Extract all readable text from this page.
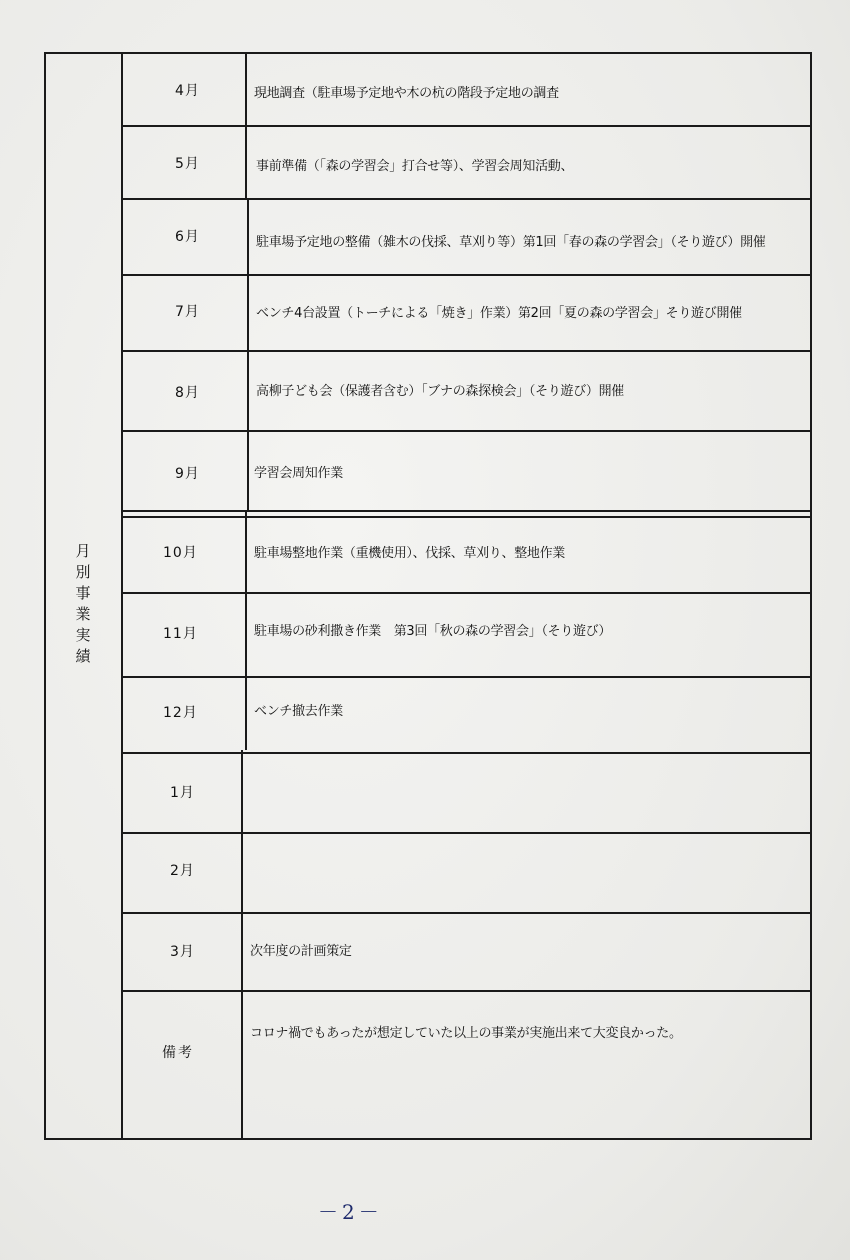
月別事業実績
4月
5月
6月
7月
8月
9月
10月
11月
12月
1月
2月
3月
現地調査（駐車場予定地や木の杭の階段予定地の調査
事前準備（「森の学習会」打合せ等）、学習会周知活動、
駐車場予定地の整備（雑木の伐採、草刈り等）第1回「春の森の学習会」（そり遊び）開催
ベンチ4台設置（トーチによる「焼き」作業）第2回「夏の森の学習会」そり遊び開催
高柳子ども会（保護者含む）「ブナの森探検会」（そり遊び）開催
学習会周知作業
駐車場整地作業（重機使用）、伐採、草刈り、整地作業
駐車場の砂利撒き作業　第3回「秋の森の学習会」（そり遊び）
ベンチ撤去作業
次年度の計画策定
備考
コロナ禍でもあったが想定していた以上の事業が実施出来て大変良かった。
－2－
